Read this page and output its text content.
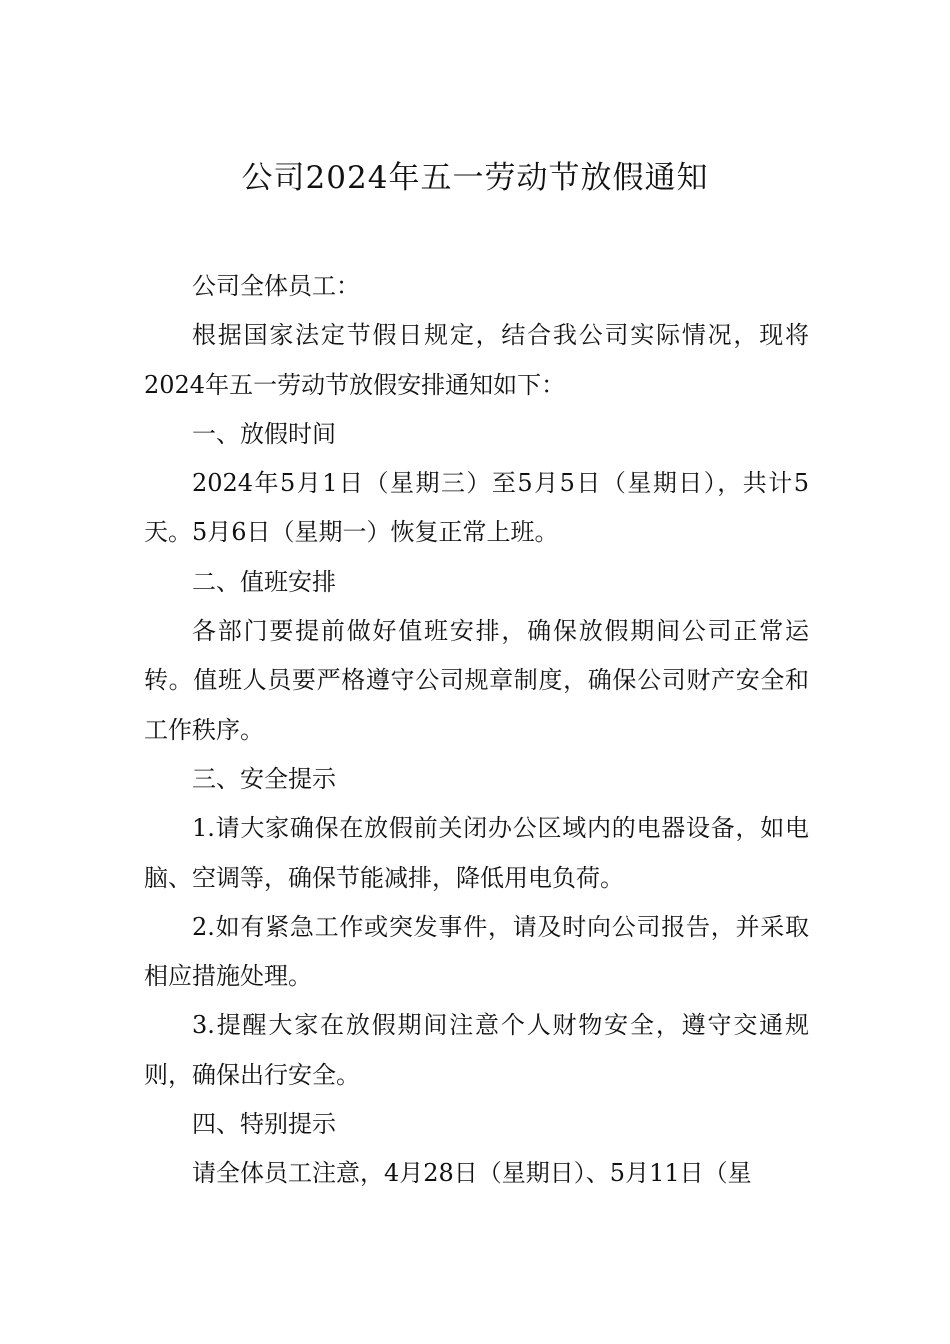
公司2024年五一劳动节放假通知

公司全体员工：

根据国家法定节假日规定，结合我公司实际情况，现将2024年五一劳动节放假安排通知如下：

一、放假时间

2024年5月1日（星期三）至5月5日（星期日），共计5天。5月6日（星期一）恢复正常上班。

二、值班安排

各部门要提前做好值班安排，确保放假期间公司正常运转。值班人员要严格遵守公司规章制度，确保公司财产安全和工作秩序。

三、安全提示

1.请大家确保在放假前关闭办公区域内的电器设备，如电脑、空调等，确保节能减排，降低用电负荷。

2.如有紧急工作或突发事件，请及时向公司报告，并采取相应措施处理。

3.提醒大家在放假期间注意个人财物安全，遵守交通规则，确保出行安全。

四、特别提示

请全体员工注意，4月28日（星期日）、5月11日（星
